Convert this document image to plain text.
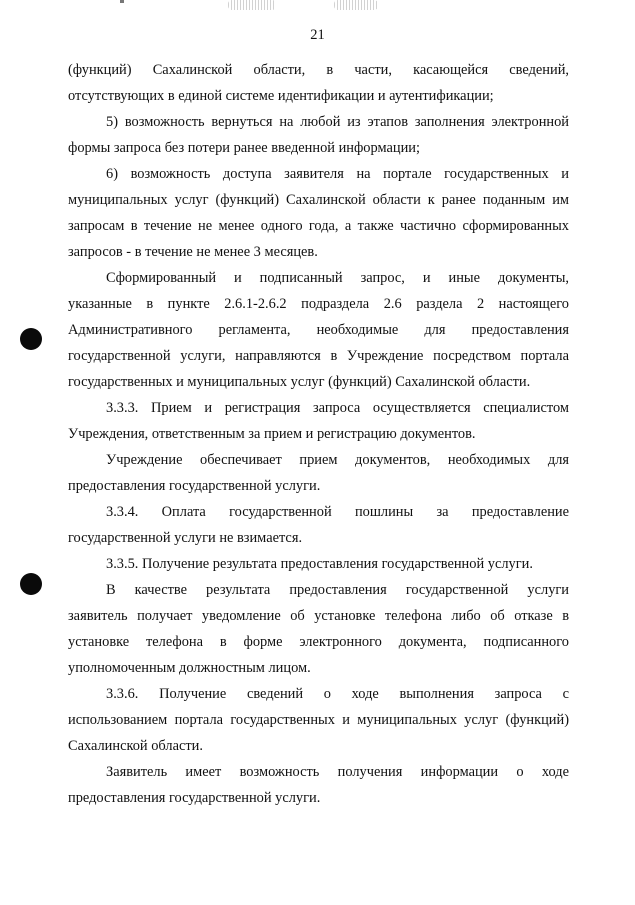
21
(функций) Сахалинской области, в части, касающейся сведений,
отсутствующих в единой системе идентификации и аутентификации;
5) возможность вернуться на любой из этапов заполнения электронной
формы запроса без потери ранее введенной информации;
6) возможность доступа заявителя на портале государственных и
муниципальных услуг (функций) Сахалинской области к ранее поданным им
запросам в течение не менее одного года, а также частично сформированных
запросов - в течение не менее 3 месяцев.
Сформированный и подписанный запрос, и иные документы,
указанные в пункте 2.6.1-2.6.2 подраздела 2.6 раздела 2 настоящего
Административного регламента, необходимые для предоставления
государственной услуги, направляются в Учреждение посредством портала
государственных и муниципальных услуг (функций) Сахалинской области.
3.3.3. Прием и регистрация запроса осуществляется специалистом
Учреждения, ответственным за прием и регистрацию документов.
Учреждение обеспечивает прием документов, необходимых для
предоставления государственной услуги.
3.3.4. Оплата государственной пошлины за предоставление
государственной услуги не взимается.
3.3.5. Получение результата предоставления государственной услуги.
В качестве результата предоставления государственной услуги
заявитель получает уведомление об установке телефона либо об отказе в
установке телефона в форме электронного документа, подписанного
уполномоченным должностным лицом.
3.3.6. Получение сведений о ходе выполнения запроса с
использованием портала государственных и муниципальных услуг (функций)
Сахалинской области.
Заявитель имеет возможность получения информации о ходе
предоставления государственной услуги.
